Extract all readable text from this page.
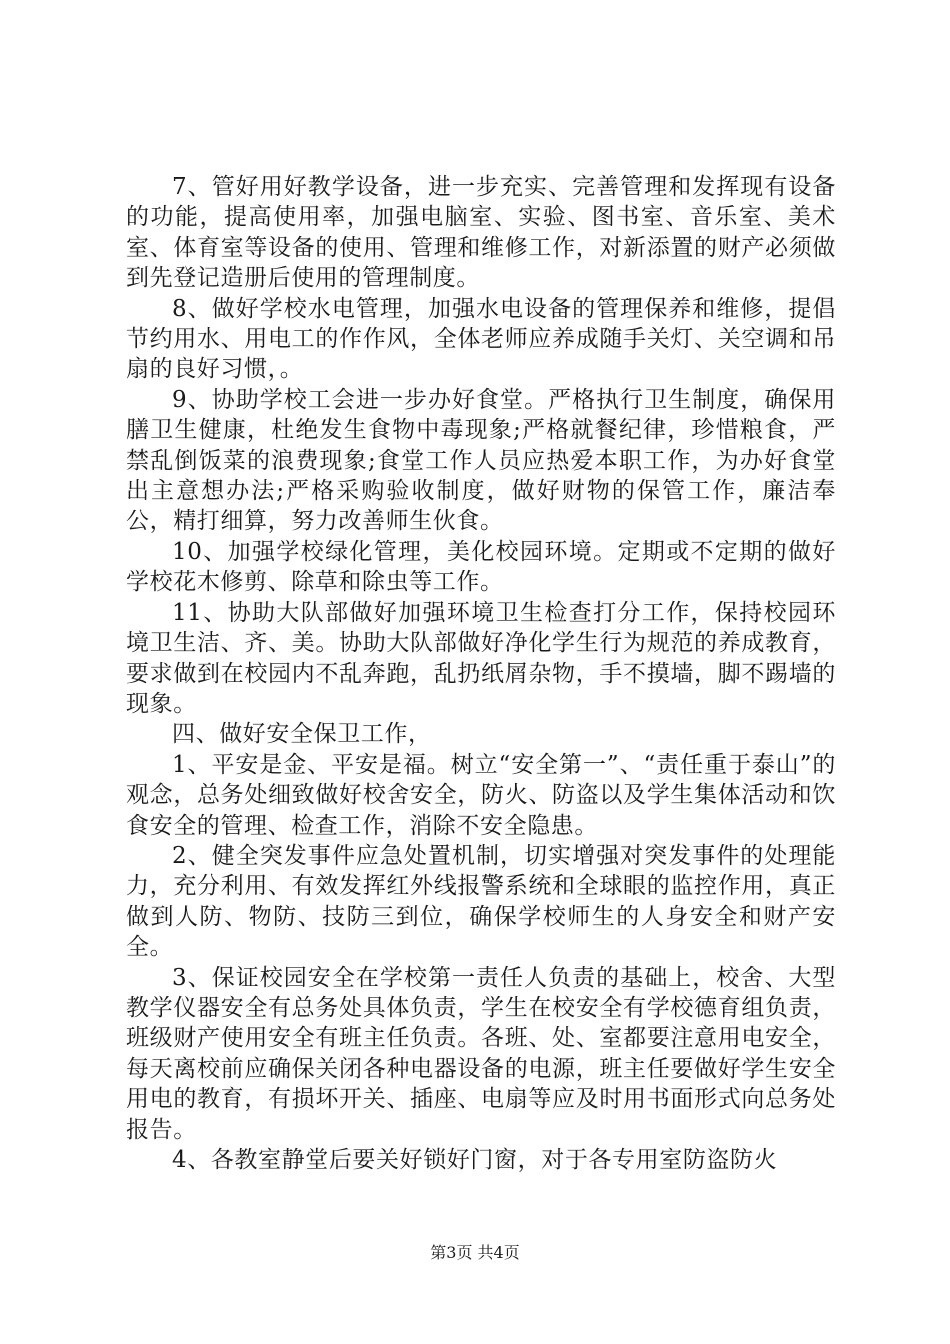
7、管好用好教学设备，进一步充实、完善管理和发挥现有设备的功能，提高使用率，加强电脑室、实验、图书室、音乐室、美术室、体育室等设备的使用、管理和维修工作，对新添置的财产必须做到先登记造册后使用的管理制度。

8、做好学校水电管理，加强水电设备的管理保养和维修，提倡节约用水、用电工的作作风，全体老师应养成随手关灯、关空调和吊扇的良好习惯，。

9、协助学校工会进一步办好食堂。严格执行卫生制度，确保用膳卫生健康，杜绝发生食物中毒现象;严格就餐纪律，珍惜粮食，严禁乱倒饭菜的浪费现象;食堂工作人员应热爱本职工作，为办好食堂出主意想办法;严格采购验收制度，做好财物的保管工作，廉洁奉公，精打细算，努力改善师生伙食。

10、加强学校绿化管理，美化校园环境。定期或不定期的做好学校花木修剪、除草和除虫等工作。

11、协助大队部做好加强环境卫生检查打分工作，保持校园环境卫生洁、齐、美。协助大队部做好净化学生行为规范的养成教育，要求做到在校园内不乱奔跑，乱扔纸屑杂物，手不摸墙，脚不踢墙的现象。

四、做好安全保卫工作，

1、平安是金、平安是福。树立“安全第一”、“责任重于泰山”的观念，总务处细致做好校舍安全，防火、防盗以及学生集体活动和饮食安全的管理、检查工作，消除不安全隐患。

2、健全突发事件应急处置机制，切实增强对突发事件的处理能力，充分利用、有效发挥红外线报警系统和全球眼的监控作用，真正做到人防、物防、技防三到位，确保学校师生的人身安全和财产安全。

3、保证校园安全在学校第一责任人负责的基础上，校舍、大型教学仪器安全有总务处具体负责，学生在校安全有学校德育组负责，班级财产使用安全有班主任负责。各班、处、室都要注意用电安全，每天离校前应确保关闭各种电器设备的电源，班主任要做好学生安全用电的教育，有损坏开关、插座、电扇等应及时用书面形式向总务处报告。

4、各教室静堂后要关好锁好门窗，对于各专用室防盗防火

第3页 共4页
